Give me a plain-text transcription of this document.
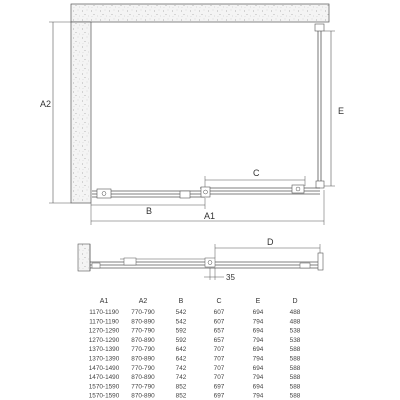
A2
E
C
B	A1
D
35
A1	A2	B	C	E	D
1170-1190 770-790	542	607	694	488
1170-1190 870-890	542	607	794	488
1270-1290 770-790	592	657	694	538
1270-1290 870-890	592	657	794	538
1370-1390 770-790	642	707	694	588
1370-1390 870-890	642	707	794	588
1470-1490 770-790	742	707	694	588
1470-1490 870-890	742	707	794	588
1570-1590 770-790	852	697	694	588
1570-1590 870-890	852	697	794	588
